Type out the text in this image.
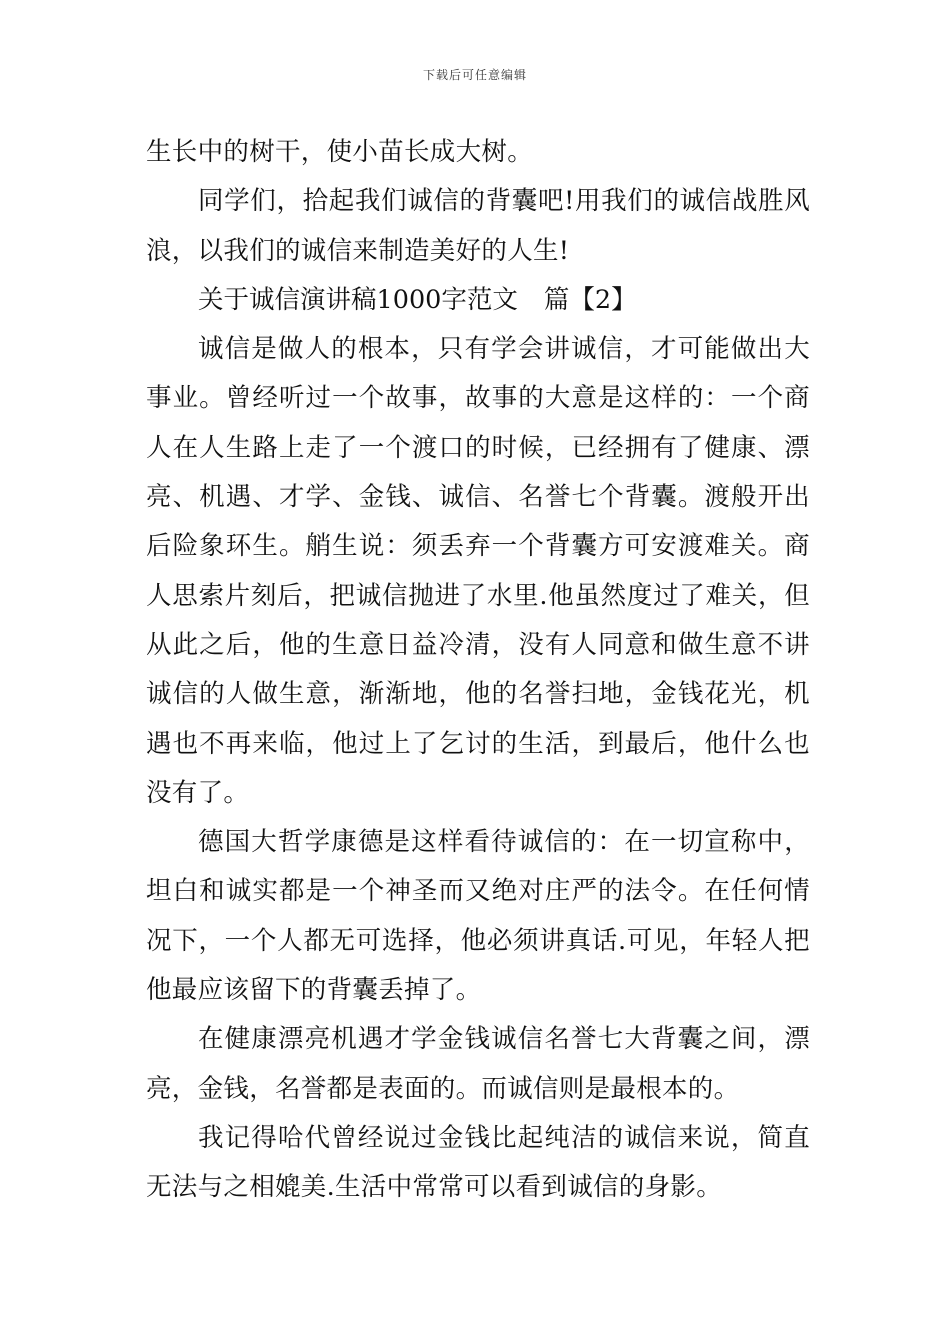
下载后可任意编辑

生长中的树干，使小苗长成大树。

同学们，拾起我们诚信的背囊吧!用我们的诚信战胜风浪，以我们的诚信来制造美好的人生!

关于诚信演讲稿1000字范文 篇【2】

诚信是做人的根本，只有学会讲诚信，才可能做出大事业。曾经听过一个故事，故事的大意是这样的：一个商人在人生路上走了一个渡口的时候，已经拥有了健康、漂亮、机遇、才学、金钱、诚信、名誉七个背囊。渡般开出后险象环生。艄生说：须丢弃一个背囊方可安渡难关。商人思索片刻后，把诚信抛进了水里.他虽然度过了难关，但从此之后，他的生意日益冷清，没有人同意和做生意不讲诚信的人做生意，渐渐地，他的名誉扫地，金钱花光，机遇也不再来临，他过上了乞讨的生活，到最后，他什么也没有了。

德国大哲学康德是这样看待诚信的：在一切宣称中，坦白和诚实都是一个神圣而又绝对庄严的法令。在任何情况下，一个人都无可选择，他必须讲真话.可见，年轻人把他最应该留下的背囊丢掉了。

在健康漂亮机遇才学金钱诚信名誉七大背囊之间，漂亮，金钱，名誉都是表面的。而诚信则是最根本的。

我记得哈代曾经说过金钱比起纯洁的诚信来说，简直无法与之相媲美.生活中常常可以看到诚信的身影。
